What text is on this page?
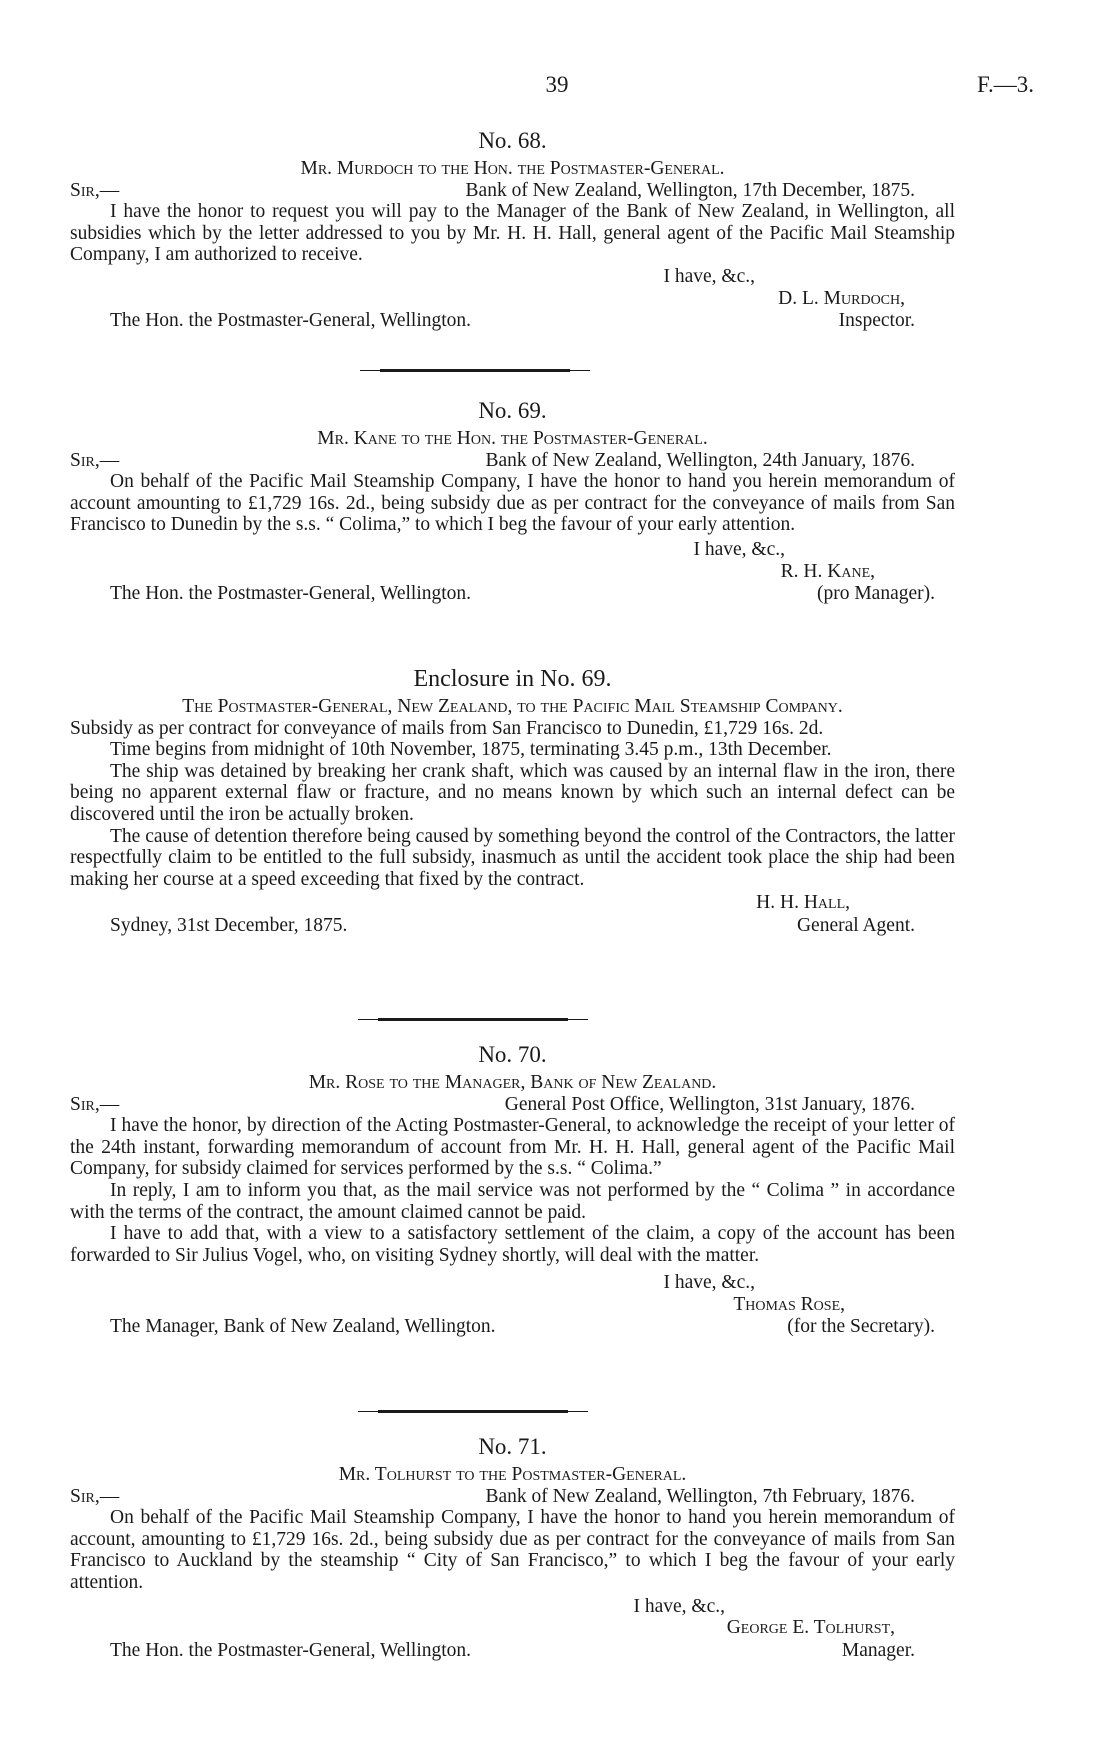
39	F.—3.
No. 68.
Mr. Murdoch to the Hon. the Postmaster-General.
Sir,—	Bank of New Zealand, Wellington, 17th December, 1875.

I have the honor to request you will pay to the Manager of the Bank of New Zealand, in Wellington, all subsidies which by the letter addressed to you by Mr. H. H. Hall, general agent of the Pacific Mail Steamship Company, I am authorized to receive.

I have, &c.,
D. L. Murdoch,
The Hon. the Postmaster-General, Wellington.	Inspector.
No. 69.
Mr. Kane to the Hon. the Postmaster-General.
Sir,—	Bank of New Zealand, Wellington, 24th January, 1876.

On behalf of the Pacific Mail Steamship Company, I have the honor to hand you herein memorandum of account amounting to £1,729 16s. 2d., being subsidy due as per contract for the conveyance of mails from San Francisco to Dunedin by the s.s. “ Colima,” to which I beg the favour of your early attention.

I have, &c.,
R. H. Kane,
The Hon. the Postmaster-General, Wellington.	(pro Manager).
Enclosure in No. 69.
The Postmaster-General, New Zealand, to the Pacific Mail Steamship Company.

Subsidy as per contract for conveyance of mails from San Francisco to Dunedin, £1,729 16s. 2d.

Time begins from midnight of 10th November, 1875, terminating 3.45 p.m., 13th December.

The ship was detained by breaking her crank shaft, which was caused by an internal flaw in the iron, there being no apparent external flaw or fracture, and no means known by which such an internal defect can be discovered until the iron be actually broken.

The cause of detention therefore being caused by something beyond the control of the Contractors, the latter respectfully claim to be entitled to the full subsidy, inasmuch as until the accident took place the ship had been making her course at a speed exceeding that fixed by the contract.

H. H. Hall,
Sydney, 31st December, 1875.	General Agent.
No. 70.
Mr. Rose to the Manager, Bank of New Zealand.
Sir,—	General Post Office, Wellington, 31st January, 1876.

I have the honor, by direction of the Acting Postmaster-General, to acknowledge the receipt of your letter of the 24th instant, forwarding memorandum of account from Mr. H. H. Hall, general agent of the Pacific Mail Company, for subsidy claimed for services performed by the s.s. “ Colima.”

In reply, I am to inform you that, as the mail service was not performed by the “ Colima ” in accordance with the terms of the contract, the amount claimed cannot be paid.

I have to add that, with a view to a satisfactory settlement of the claim, a copy of the account has been forwarded to Sir Julius Vogel, who, on visiting Sydney shortly, will deal with the matter.

I have, &c.,
Thomas Rose,
The Manager, Bank of New Zealand, Wellington.	(for the Secretary).
No. 71.
Mr. Tolhurst to the Postmaster-General.
Sir,—	Bank of New Zealand, Wellington, 7th February, 1876.

On behalf of the Pacific Mail Steamship Company, I have the honor to hand you herein memorandum of account, amounting to £1,729 16s. 2d., being subsidy due as per contract for the conveyance of mails from San Francisco to Auckland by the steamship “ City of San Francisco,” to which I beg the favour of your early attention.

I have, &c.,
George E. Tolhurst,
The Hon. the Postmaster-General, Wellington.	Manager.
